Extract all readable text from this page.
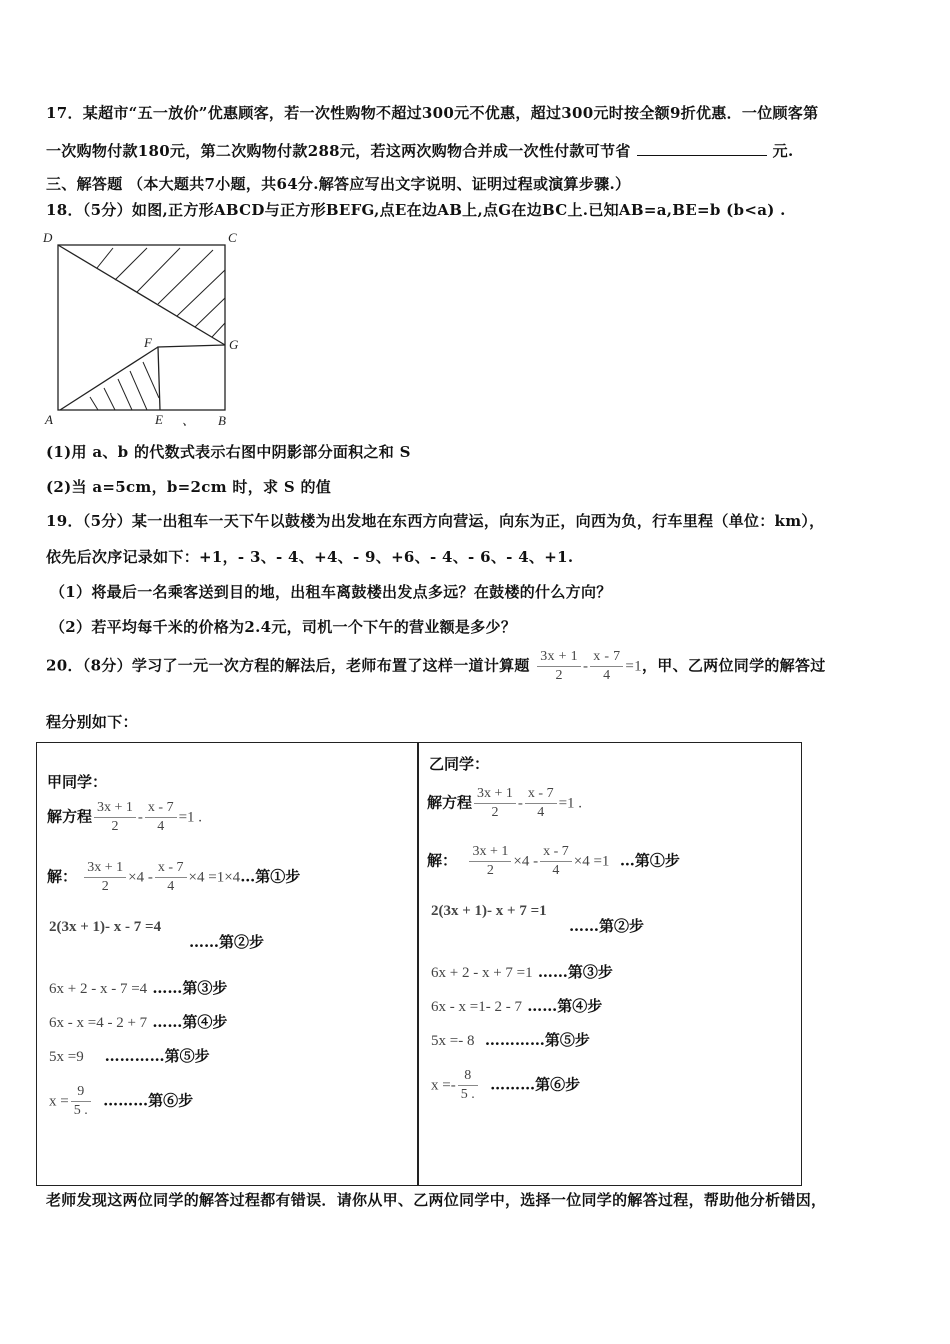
17．某超市“五一放价”优惠顾客，若一次性购物不超过300元不优惠，超过300元时按全额9折优惠．一位顾客第
一次购物付款180元，第二次购物付款288元，若这两次购物合并成一次性付款可节省	元.
三、解答题 （本大题共7小题，共64分.解答应写出文字说明、证明过程或演算步骤.）
18．（5分）如图,正方形ABCD与正方形BEFG,点E在边AB上,点G在边BC上.已知AB=a,BE=b (b<a) .
D	C
F	G
A	E 、 B
(1)用 a、b 的代数式表示右图中阴影部分面积之和 S
(2)当 a=5cm，b=2cm 时，求 S 的值
19．（5分）某一出租车一天下午以鼓楼为出发地在东西方向营运，向东为正，向西为负，行车里程（单位：km），
依先后次序记录如下：+1，- 3、- 4、+4、- 9、+6、- 4、- 6、- 4、+1.
（1）将最后一名乘客送到目的地，出租车离鼓楼出发点多远？在鼓楼的什么方向？
（2）若平均每千米的价格为2.4元，司机一个下午的营业额是多少？
20．（8分）学习了一元一次方程的解法后，老师布置了这样一道计算题 $\frac{3x + 1}{2} - \frac{x - 7}{4} =1$，甲、乙两位同学的解答过
程分别如下：
甲同学：
解方程 $\frac{3x + 1}{2} - \frac{x - 7}{4} =1$ .
解： $\frac{3x + 1}{2} \times 4 - \frac{x - 7}{4} \times 4$ =1×4…第①步
2(3x + 1)- x - 7 =4
……第②步
6x + 2 - x - 7 =4 ……第③步
6x - x =4 - 2 + 7 ……第④步
5x =9 …………第⑤步
$x = \frac{9}{5 .}$ ………第⑥步
乙同学：
解方程 $\frac{3x + 1}{2} - \frac{x - 7}{4} =1$ .
解： $\frac{3x + 1}{2} \times 4 - \frac{x - 7}{4} \times 4 =1$ …第①步
2(3x + 1)- x + 7 =1
……第②步
6x + 2 - x + 7 =1 ……第③步
6x - x =1- 2 - 7 ……第④步
5x =- 8 …………第⑤步
$x =- \frac{8}{5 .}$ ………第⑥步
老师发现这两位同学的解答过程都有错误．请你从甲、乙两位同学中，选择一位同学的解答过程，帮助他分析错因，
